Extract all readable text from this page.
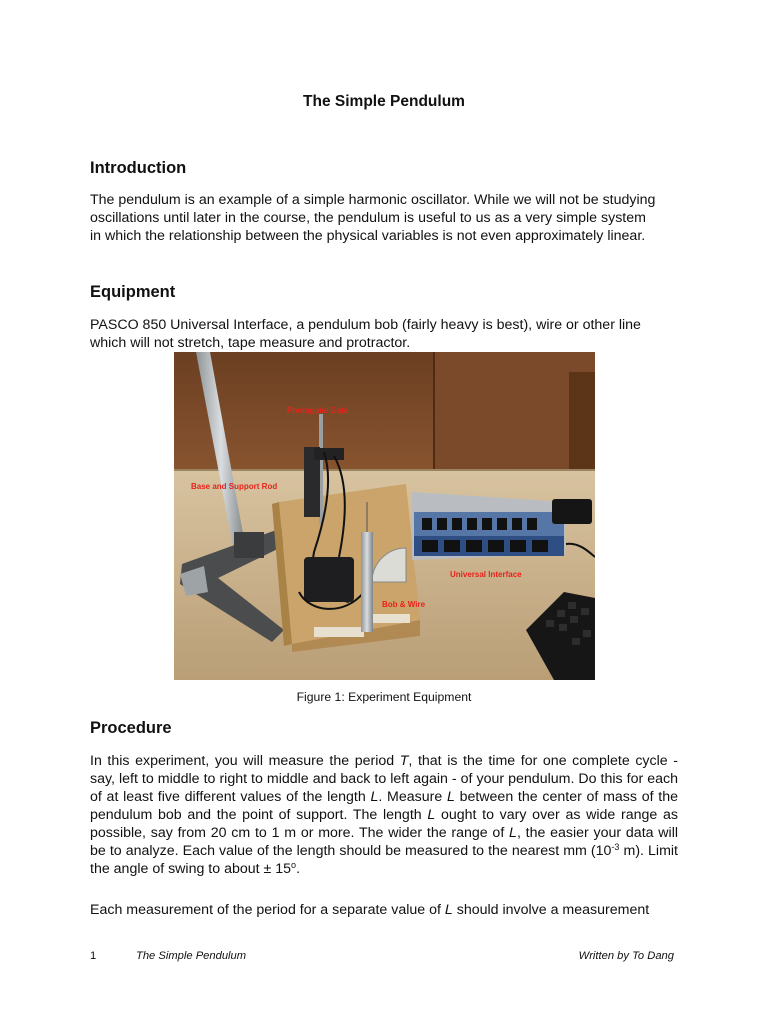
The Simple Pendulum
Introduction
The pendulum is an example of a simple harmonic oscillator. While we will not be studying
oscillations until later in the course, the pendulum is useful to us as a very simple system
in which the relationship between the physical variables is not even approximately linear.
Equipment
PASCO 850 Universal Interface, a pendulum bob (fairly heavy is best), wire or other line
which will not stretch, tape measure and protractor.
Photogate/ Gate
Base and Support Rod
Universal Interface
Bob & Wire
Figure 1: Experiment Equipment
Procedure
In this experiment, you will measure the period T, that is the time for one complete cycle - say, left to middle to right to middle and back to left again - of your pendulum. Do this for each of at least five different values of the length L. Measure L between the center of mass of the pendulum bob and the point of support. The length L ought to vary over as wide range as possible, say from 20 cm to 1 m or more. The wider the range of L, the easier your data will be to analyze. Each value of the length should be measured to the nearest mm ($10^{-3}$ m). Limit the angle of swing to about ± $15^o$.
Each measurement of the period for a separate value of L should involve a measurement
1	The Simple Pendulum	Written by To Dang
